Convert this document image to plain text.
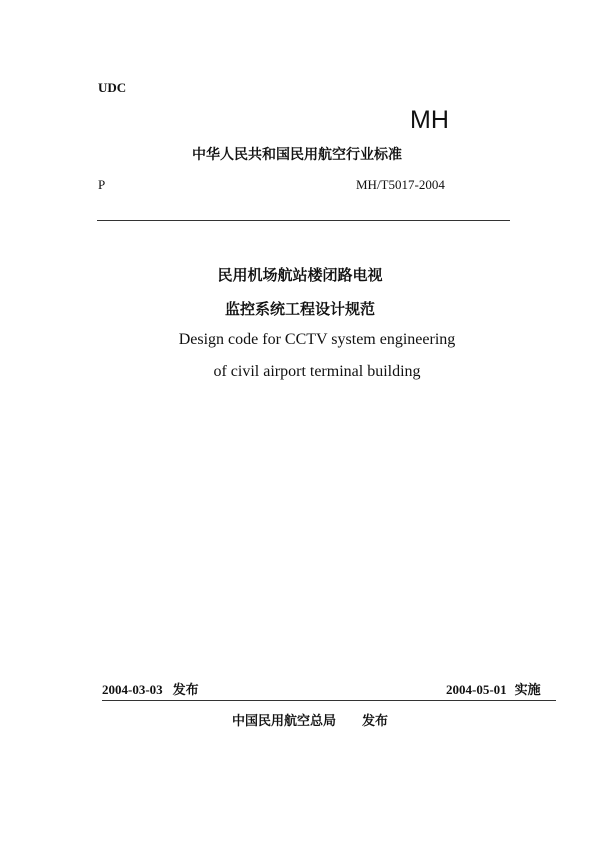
UDC
MH
中华人民共和国民用航空行业标准
P	MH/T5017-2004
民用机场航站楼闭路电视
监控系统工程设计规范
Design code for CCTV system engineering
of civil airport terminal building
2004-03-03 发布	2004-05-01 实施
中国民用航空总局 发布
